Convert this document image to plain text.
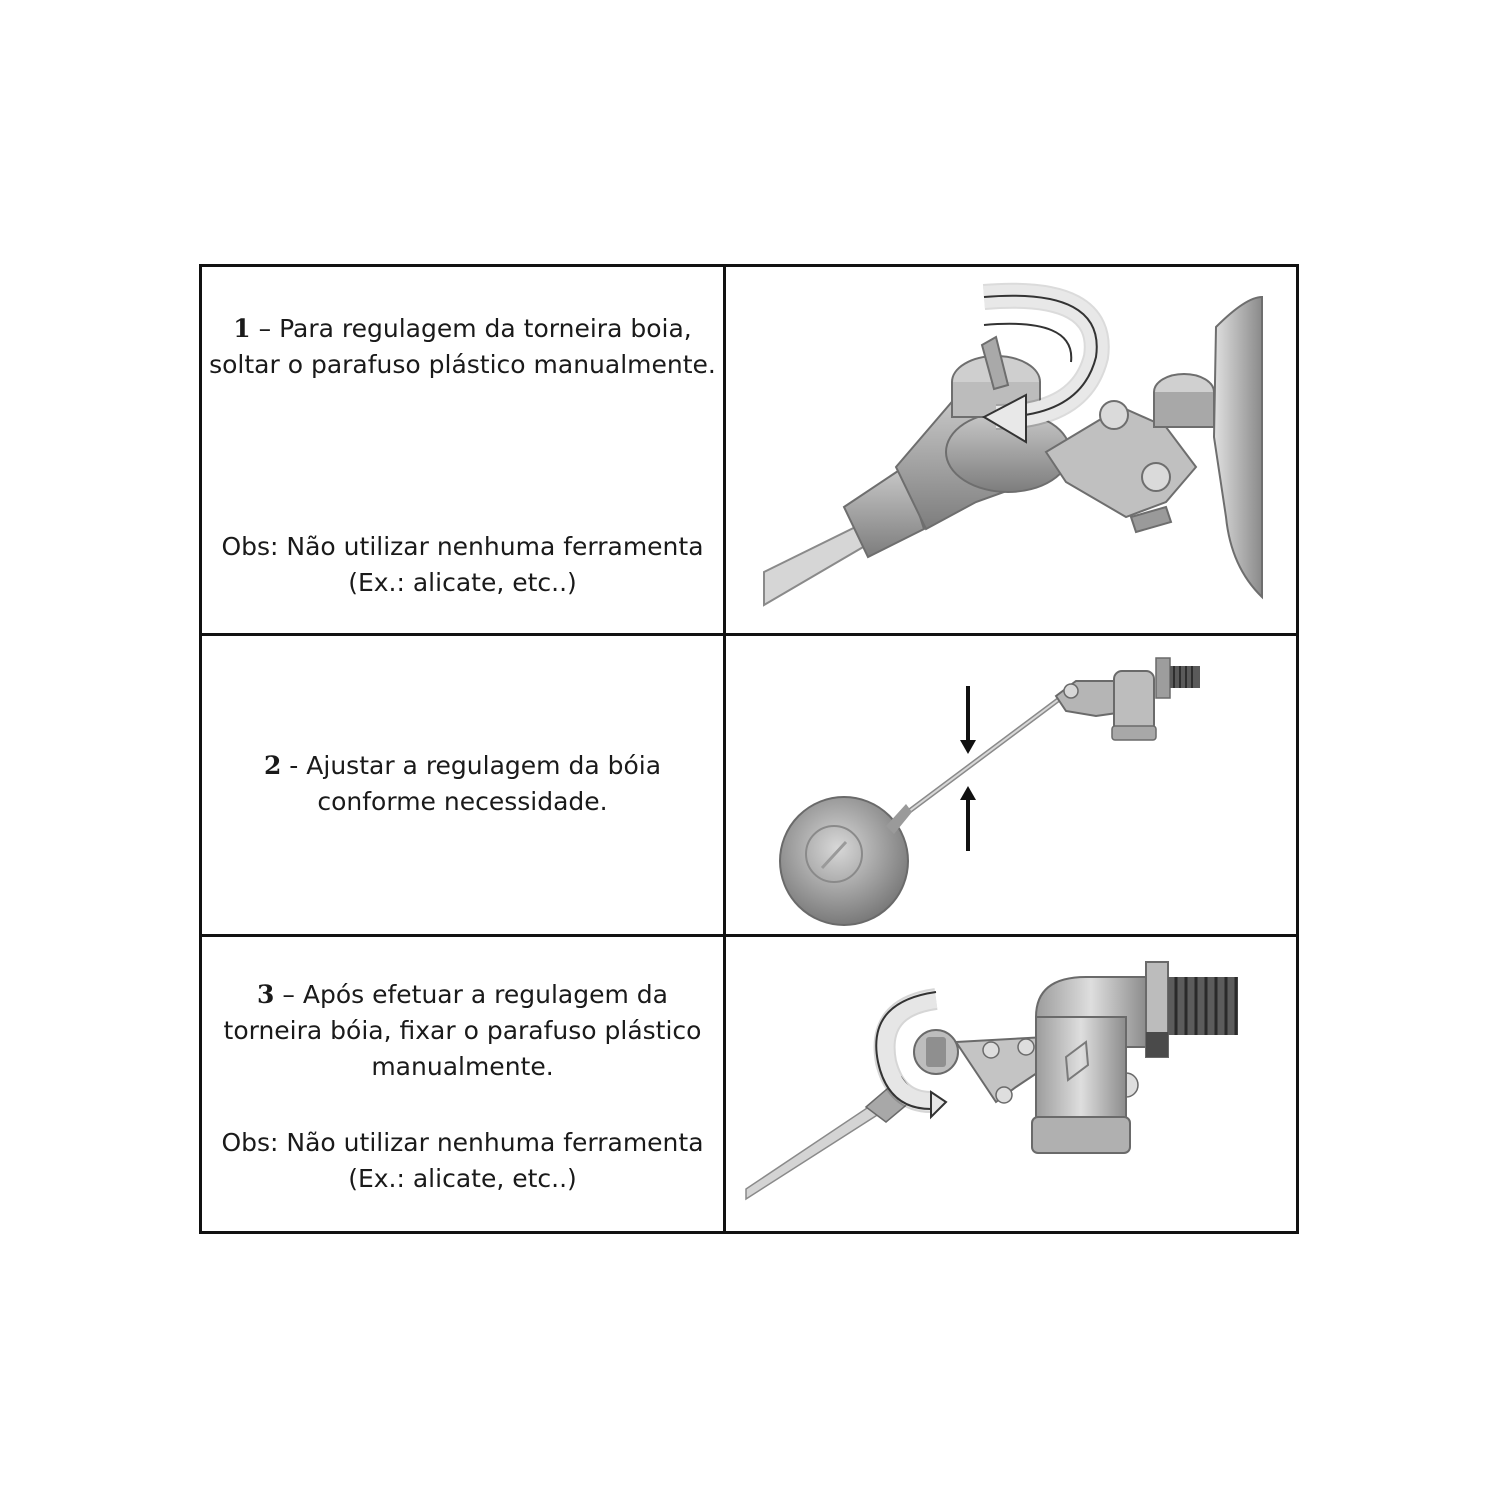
1 – Para regulagem da torneira boia, soltar o parafuso plástico manualmente.
Obs: Não utilizar nenhuma ferramenta (Ex.: alicate, etc..)
2 - Ajustar a regulagem da bóia conforme necessidade.
3 – Após efetuar a regulagem da torneira bóia, fixar o parafuso plástico manualmente.
Obs: Não utilizar nenhuma ferramenta (Ex.: alicate, etc..)
